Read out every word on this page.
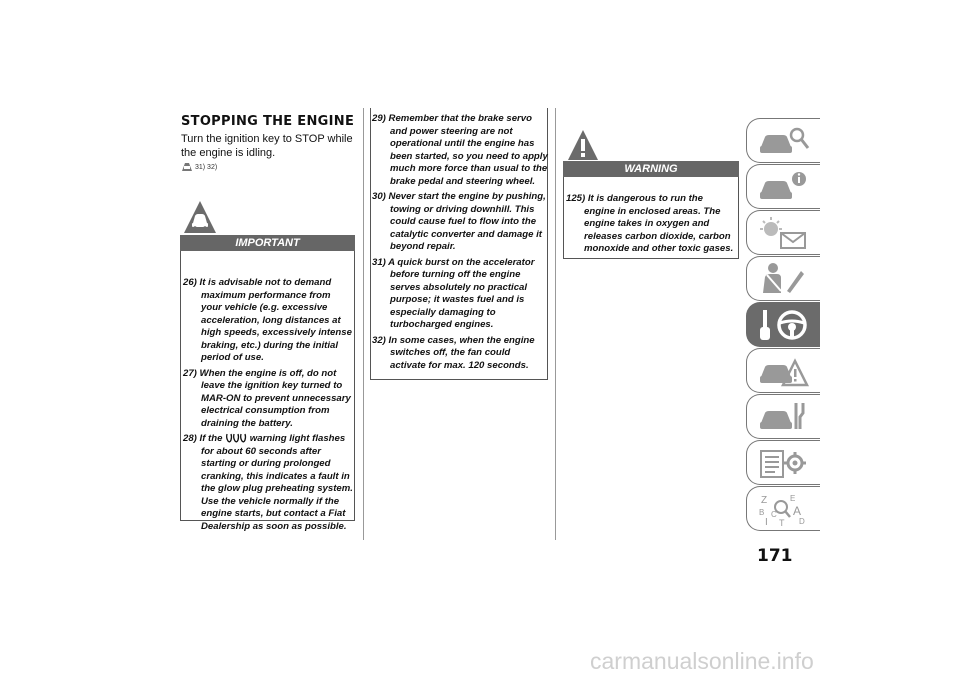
STOPPING THE ENGINE
Turn the ignition key to STOP while the engine is idling.
31) 32)
IMPORTANT
26) It is advisable not to demand maximum performance from your vehicle (e.g. excessive acceleration, long distances at high speeds, excessively intense braking, etc.) during the initial period of use.
27) When the engine is off, do not leave the ignition key turned to MAR-ON to prevent unnecessary electrical consumption from draining the battery.
28) If the	warning light flashes for about 60 seconds after starting or during prolonged cranking, this indicates a fault in the glow plug preheating system. Use the vehicle normally if the engine starts, but contact a Fiat Dealership as soon as possible.
29) Remember that the brake servo and power steering are not operational until the engine has been started, so you need to apply much more force than usual to the brake pedal and steering wheel.
30) Never start the engine by pushing, towing or driving downhill. This could cause fuel to flow into the catalytic converter and damage it beyond repair.
31) A quick burst on the accelerator before turning off the engine serves absolutely no practical purpose; it wastes fuel and is especially damaging to turbocharged engines.
32) In some cases, when the engine switches off, the fan could activate for max. 120 seconds.
WARNING
125) It is dangerous to run the engine in enclosed areas. The engine takes in oxygen and releases carbon dioxide, carbon monoxide and other toxic gases.
Z	E
B A
C
D
I T
171
carmanualsonline.info
